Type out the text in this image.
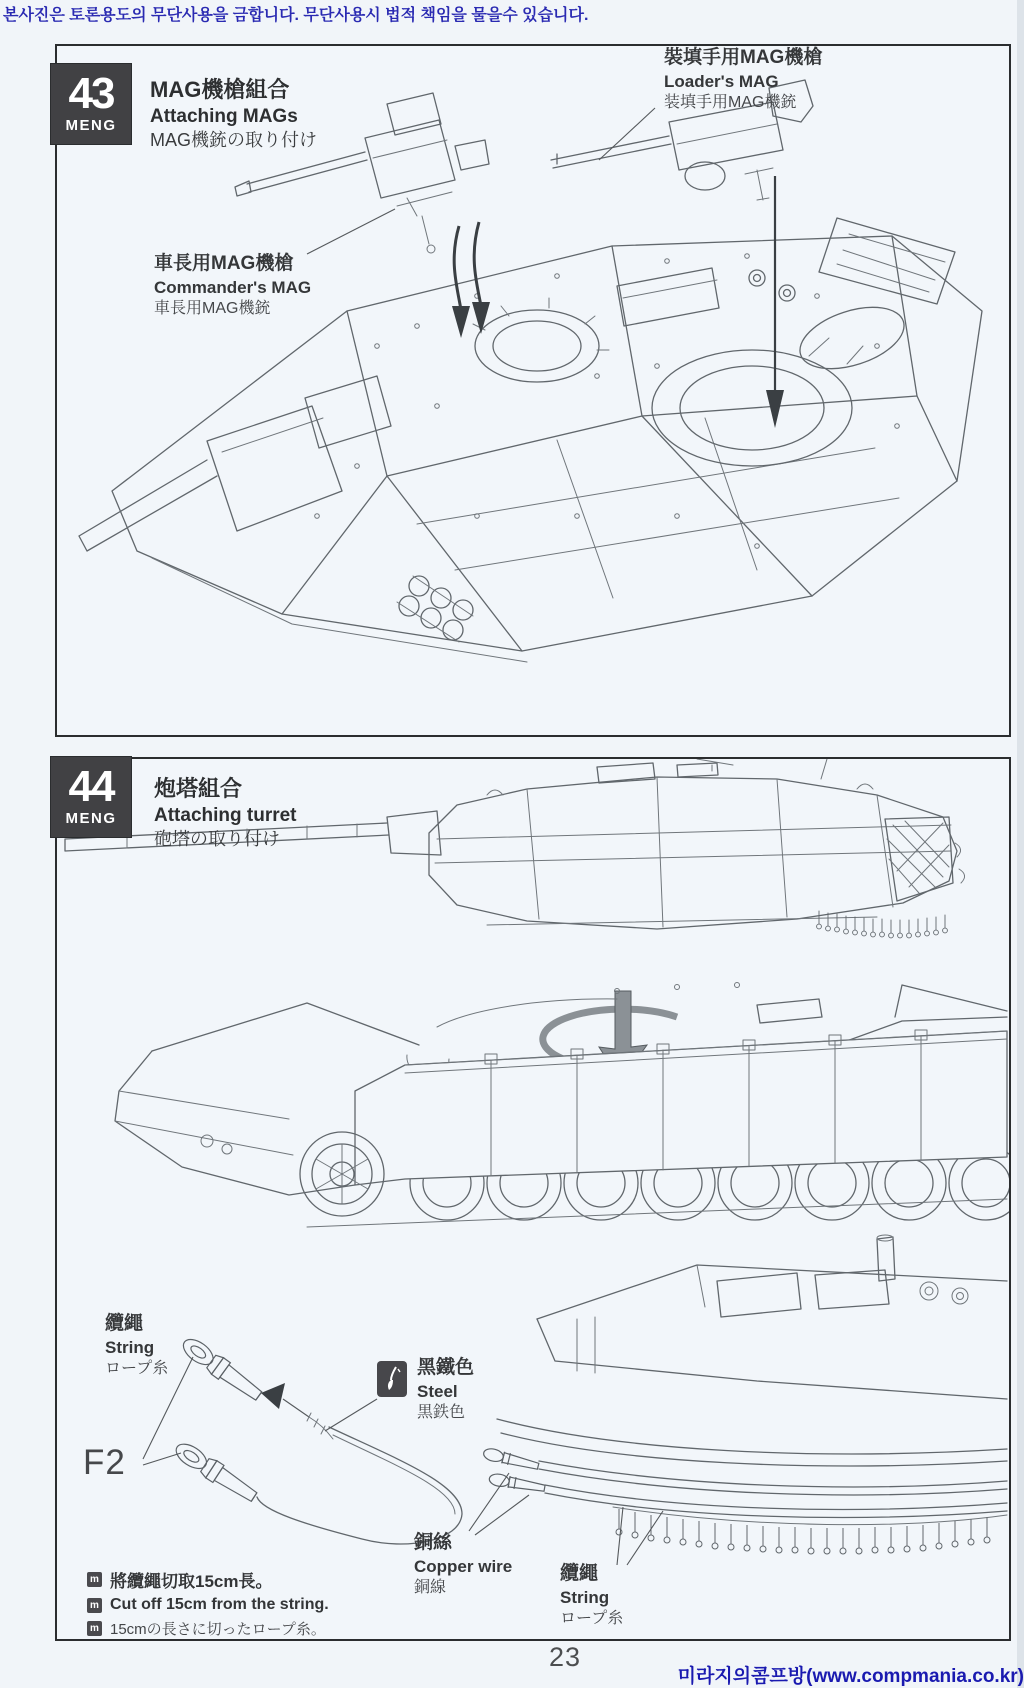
본사진은 토론용도의 무단사용을 금합니다. 무단사용시 법적 책임을 물을수 있습니다.
43
MENG
MAG機槍組合
Attaching MAGs
MAG機銃の取り付け
裝填手用MAG機槍
Loader's MAG
装填手用MAG機銃
車長用MAG機槍
Commander's MAG
車長用MAG機銃
44
MENG
炮塔組合
Attaching turret
砲塔の取り付け
纜繩
String
ロープ糸
F2
黑鐵色
Steel
黒鉄色
銅絲
Copper wire
銅線
纜繩
String
ロープ糸
m 將纜繩切取15cm長。
m Cut off 15cm from the string.
m 15cmの長さに切ったロープ糸。
23
미라지의콤프방(www.compmania.co.kr)
